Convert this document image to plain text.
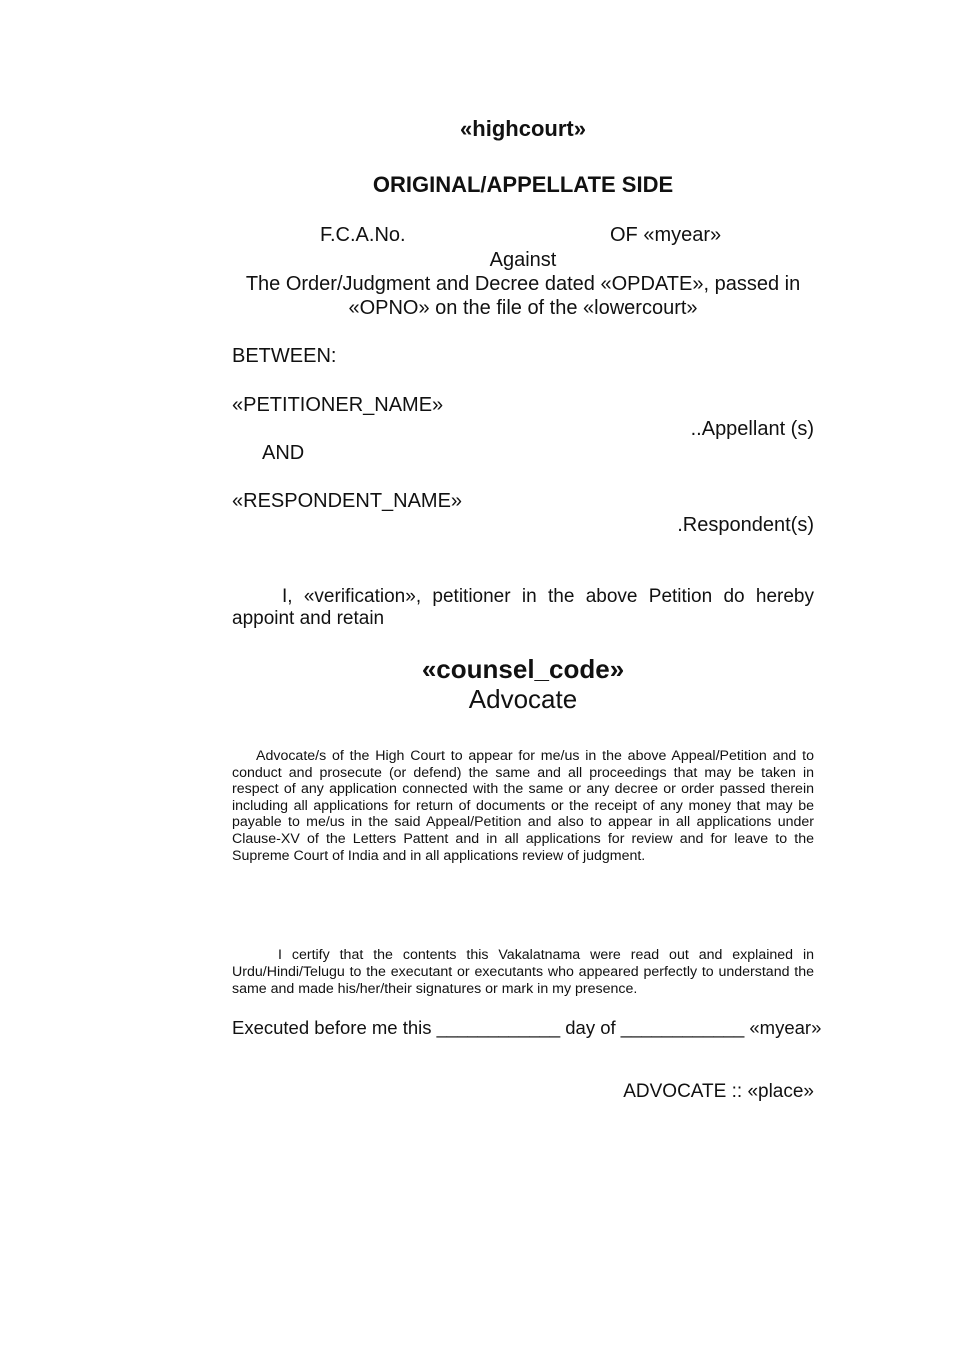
«highcourt»
ORIGINAL/APPELLATE SIDE
F.C.A.No.	OF «myear»
Against
The Order/Judgment and Decree dated «OPDATE», passed in
«OPNO» on the file of the «lowercourt»
BETWEEN:
«PETITIONER_NAME»
..Appellant (s)
AND
«RESPONDENT_NAME»
.Respondent(s)
I, «verification», petitioner in the above Petition do hereby appoint and retain
«counsel_code»
Advocate
Advocate/s of the High Court to appear for me/us in the above Appeal/Petition and to conduct and prosecute (or defend) the same and all proceedings that may be taken in respect of any application connected with the same or any decree or order passed therein including all applications for return of documents or the receipt of any money that may be payable to me/us in the said Appeal/Petition and also to appear in all applications under Clause-XV of the Letters Pattent and in all applications for review and for leave to the Supreme Court of India and in all applications review of judgment.
I certify that the contents this Vakalatnama were read out and explained in Urdu/Hindi/Telugu to the executant or executants who appeared perfectly to understand the same and made his/her/their signatures or mark in my presence.
Executed before me this ____________ day of ____________ «myear»
ADVOCATE :: «place»
